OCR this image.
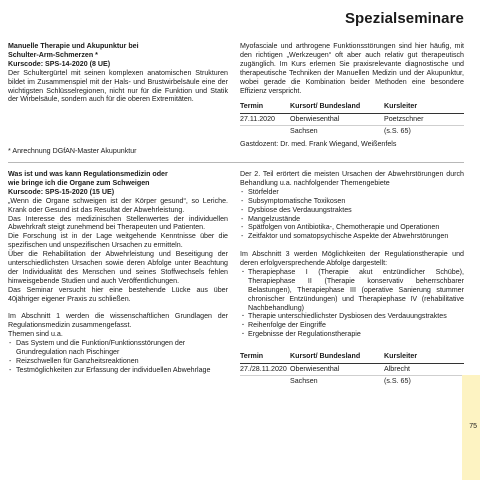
Spezialseminare

Manuelle Therapie und Akupunktur bei

Schulter-Arm-Schmerzen *

Kurscode: SPS-14-2020 (8 UE)

Der Schultergürtel mit seinen komplexen anatomischen Strukturen bildet im Zusammenspiel mit der Hals- und Brustwirbelsäule eine der wichtigsten Schlüsselregionen, nicht nur für die Funktion und Statik der Wirbelsäule, sondern auch für die oberen Extremitäten.

* Anrechnung DGfAN-Master Akupunktur

Myofasciale und arthrogene Funktionsstörungen sind hier häufig, mit den richtigen „Werkzeugen“ oft aber auch relativ gut therapeutisch zugänglich. Im Kurs erlernen Sie praxisrelevante diagnostische und therapeutische Techniken der Manuellen Medizin und der Akupunktur, wobei gerade die Kombination beider Methoden eine besondere Effizienz verspricht.

Termin	Kursort/ Bundesland	Kursleiter
27.11.2020	Oberwiesenthal	Poetzschner
	Sachsen	(s.S. 65)

Gastdozent: Dr. med. Frank Wiegand, Weißenfels

Was ist und was kann Regulationsmedizin oder

wie bringe ich die Organe zum Schweigen

Kurscode: SPS-15-2020 (15 UE)

„Wenn die Organe schweigen ist der Körper gesund“, so Leriche. Krank oder Gesund ist das Resultat der Abwehrleistung.

Das Interesse des medizinischen Stellenwertes der individuellen Abwehrkraft steigt zunehmend bei Therapeuten und Patienten.

Die Forschung ist in der Lage weitgehende Kenntnisse über die spezifischen und unspezifischen Ursachen zu ermitteln.

Über die Rehabilitation der Abwehrleistung und Beseitigung der unterschiedlichsten Ursachen sowie deren Abfolge unter Beachtung der Individualität des Menschen und seines Stoffwechsels fehlen hinweisgebende Studien und auch Veröffentlichungen.

Das Seminar versucht hier eine bestehende Lücke aus über 40jähriger eigener Praxis zu schließen.

Im Abschnitt 1 werden die wissenschaftlichen Grundlagen der Regulationsmedizin zusammengefasst.

Themen sind u.a.

- Das System und die Funktion/Funktionsstörungen der Grundregulation nach Pischinger
- Reizschwellen für Ganzheitsreaktionen
- Testmöglichkeiten zur Erfassung der individuellen Abwehrlage

Der 2. Teil erörtert die meisten Ursachen der Abwehrstörungen durch Behandlung u.a. nachfolgender Themengebiete

- Störfelder
- Subsymptomatische Toxikosen
- Dysbiose des Verdauungstraktes
- Mangelzustände
- Spätfolgen von Antibiotika-, Chemotherapie und Operationen
- Zeitfaktor und somatopsychische Aspekte der Abwehrstörungen

Im Abschnitt 3 werden Möglichkeiten der Regulationstherapie und deren erfolgversprechende Abfolge dargestellt:

· Therapiephase I (Therapie akut entzündlicher Schübe), Therapiephase II (Therapie konservativ beherrschbarer Belastungen), Therapiephase III (operative Sanierung stummer chronischer Entzündungen) und Therapiephase IV (rehabilitative Nachbehandlung)
· Therapie unterschiedlichster Dysbiosen des Verdauungstraktes
· Reihenfolge der Eingriffe
· Ergebnisse der Regulationstherapie
Termin	Kursort/ Bundesland	Kursleiter
27./28.11.2020	Oberwiesenthal	Albrecht
	Sachsen	(s.S. 65)
75
